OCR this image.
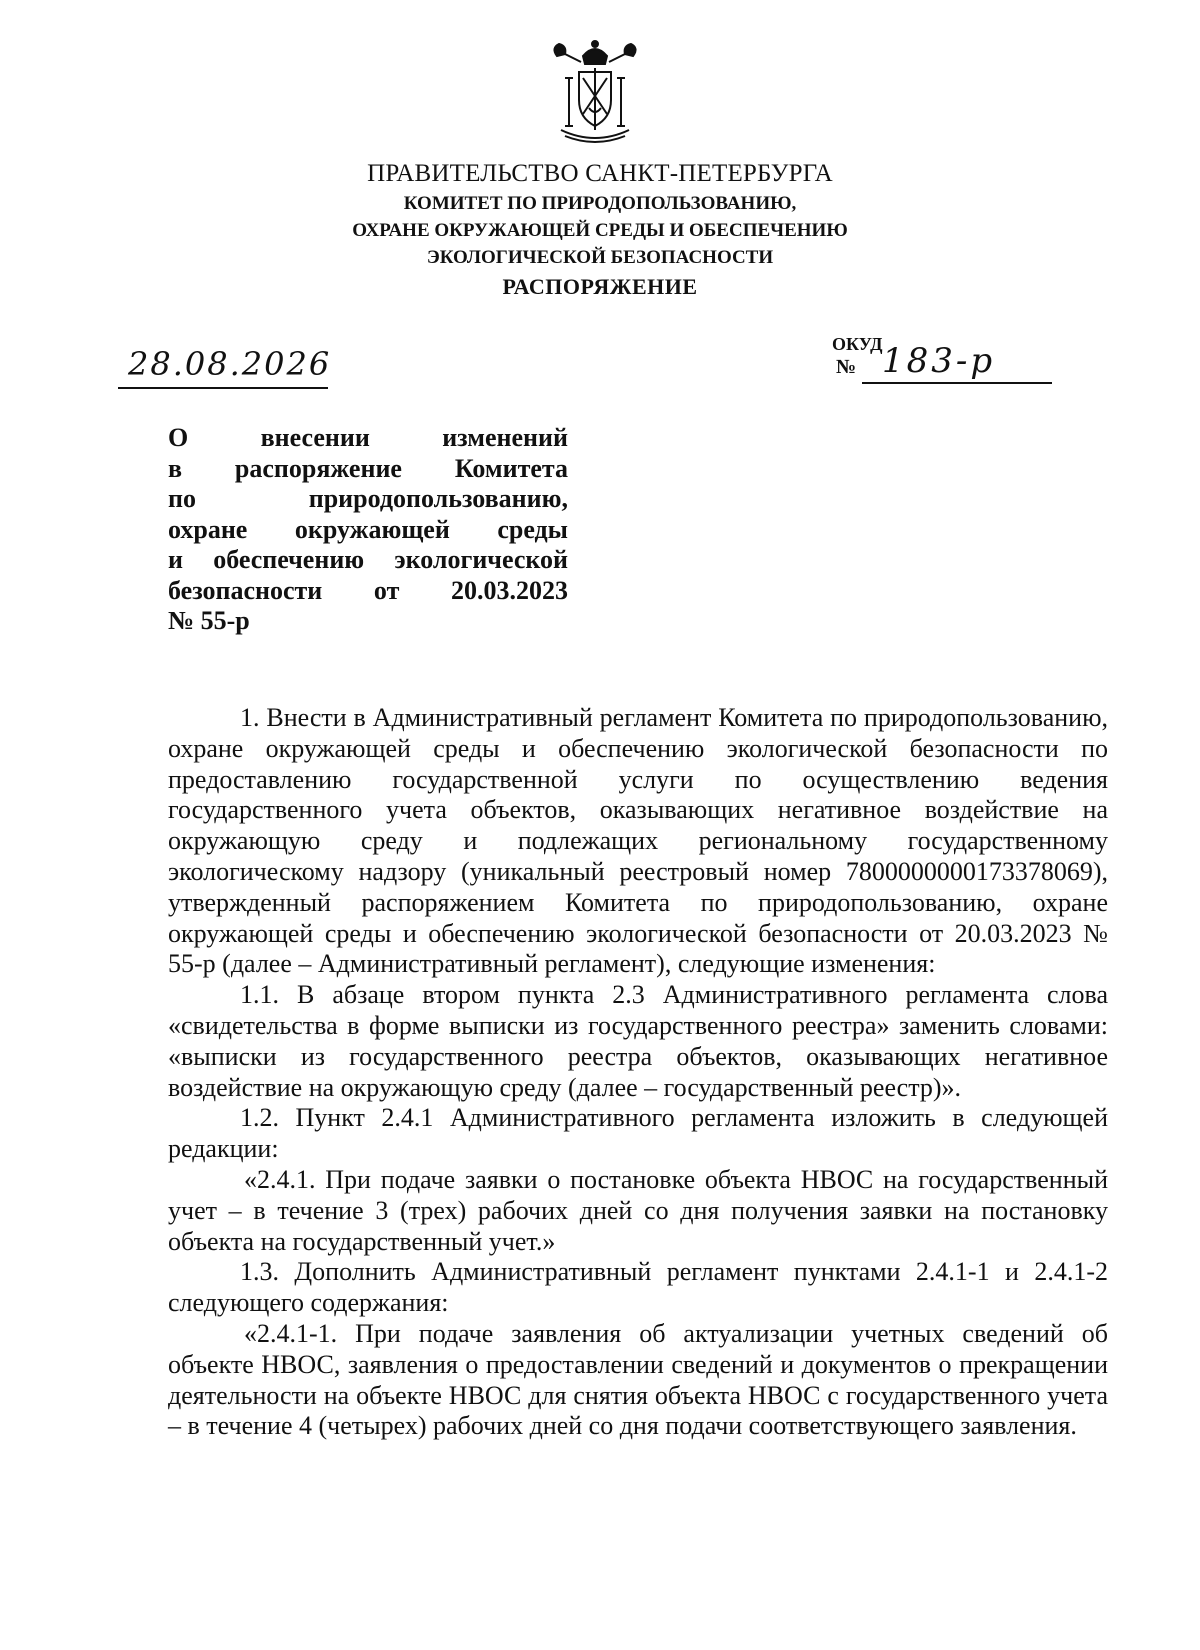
ПРАВИТЕЛЬСТВО САНКТ-ПЕТЕРБУРГА
КОМИТЕТ ПО ПРИРОДОПОЛЬЗОВАНИЮ,
ОХРАНЕ ОКРУЖАЮЩЕЙ СРЕДЫ И ОБЕСПЕЧЕНИЮ
ЭКОЛОГИЧЕСКОЙ БЕЗОПАСНОСТИ
РАСПОРЯЖЕНИЕ
28.08.2026
ОКУД
№ 183-р
О	внесении	изменений
в распоряжение Комитета
по	природопользованию,
охране окружающей среды
и обеспечению экологической
безопасности от 20.03.2023
№ 55-р

1. Внести в Административный регламент Комитета по природопользованию, охране окружающей среды и обеспечению экологической безопасности по предоставлению государственной услуги по осуществлению ведения государственного учета объектов, оказывающих негативное воздействие на окружающую среду и подлежащих региональному государственному экологическому надзору (уникальный реестровый номер 7800000000173378069), утвержденный распоряжением Комитета по природопользованию, охране окружающей среды и обеспечению экологической безопасности от 20.03.2023 № 55-р (далее – Административный регламент), следующие изменения:

1.1. В абзаце втором пункта 2.3 Административного регламента слова «свидетельства в форме выписки из государственного реестра» заменить словами: «выписки из государственного реестра объектов, оказывающих негативное воздействие на окружающую среду (далее – государственный реестр)».

1.2. Пункт 2.4.1 Административного регламента изложить в следующей редакции:

«2.4.1. При подаче заявки о постановке объекта НВОС на государственный учет – в течение 3 (трех) рабочих дней со дня получения заявки на постановку объекта на государственный учет.»

1.3. Дополнить Административный регламент пунктами 2.4.1-1 и 2.4.1-2 следующего содержания:

«2.4.1-1. При подаче заявления об актуализации учетных сведений об объекте НВОС, заявления о предоставлении сведений и документов о прекращении деятельности на объекте НВОС для снятия объекта НВОС с государственного учета – в течение 4 (четырех) рабочих дней со дня подачи соответствующего заявления.
